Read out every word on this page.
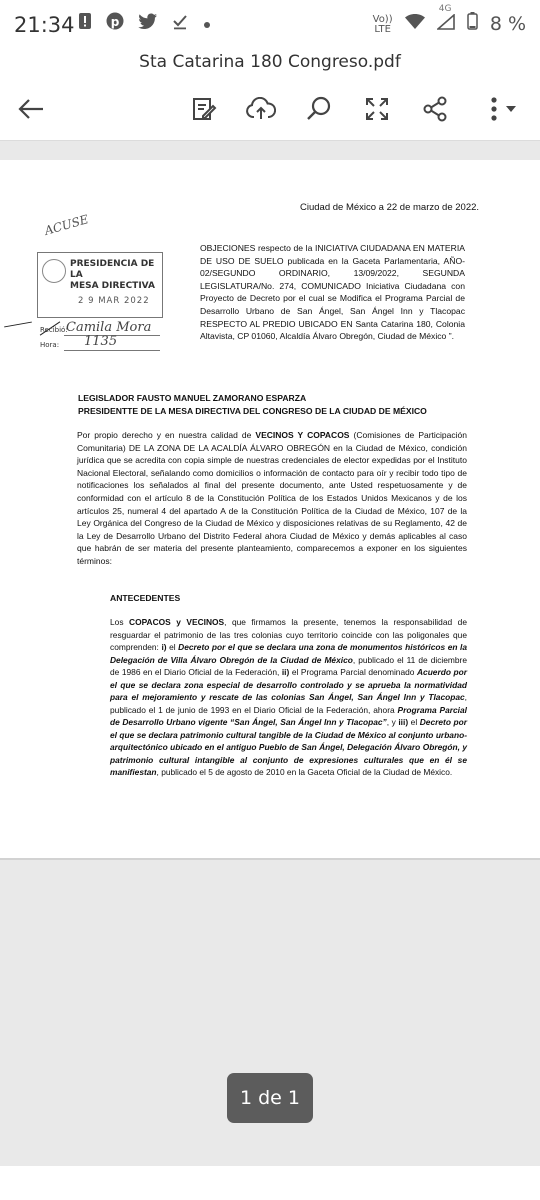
21:34
	p
	Vo))
LTE
4G
8 %
Sta Catarina 180 Congreso.pdf
ACUSE
PRESIDENCIA DE LA
MESA DIRECTIVA
2 9 MAR 2022
Recibió:
Camila Mora
Hora: 1135
Ciudad de México a 22 de marzo de 2022.
OBJECIONES respecto de la INICIATIVA CIUDADANA EN MATERIA DE USO DE SUELO publicada en la Gaceta Parlamentaria, AÑO-02/SEGUNDO ORDINARIO, 13/09/2022, SEGUNDA LEGISLATURA/No. 274, COMUNICADO Iniciativa Ciudadana con Proyecto de Decreto por el cual se Modifica el Programa Parcial de Desarrollo Urbano de San Ángel, San Ángel Inn y Tlacopac RESPECTO AL PREDIO UBICADO EN Santa Catarina 180, Colonia Altavista, CP 01060, Alcaldía Álvaro Obregón, Ciudad de México ”.
LEGISLADOR FAUSTO MANUEL ZAMORANO ESPARZA
PRESIDENTTE DE LA MESA DIRECTIVA DEL CONGRESO DE LA CIUDAD DE MÉXICO
Por propio derecho y en nuestra calidad de VECINOS Y COPACOS (Comisiones de Participación Comunitaria) DE LA ZONA DE LA ACALDÍA ÁLVARO OBREGÓN en la Ciudad de México, condición jurídica que se acredita con copia simple de nuestras credenciales de elector expedidas por el Instituto Nacional Electoral, señalando como domicilios o información de contacto para oír y recibir todo tipo de notificaciones los señalados al final del presente documento, ante Usted respetuosamente y de conformidad con el artículo 8 de la Constitución Política de los Estados Unidos Mexicanos y de los artículos 25, numeral 4 del apartado A de la Constitución Política de la Ciudad de México, 107 de la Ley Orgánica del Congreso de la Ciudad de México y disposiciones relativas de su Reglamento, 42 de la Ley de Desarrollo Urbano del Distrito Federal ahora Ciudad de México y demás aplicables al caso que habrán de ser materia del presente planteamiento, comparecemos a exponer en los siguientes términos:
ANTECEDENTES
Los COPACOS y VECINOS, que firmamos la presente, tenemos la responsabilidad de resguardar el patrimonio de las tres colonias cuyo territorio coincide con las poligonales que comprenden: i) el Decreto por el que se declara una zona de monumentos históricos en la Delegación de Villa Álvaro Obregón de la Ciudad de México, publicado el 11 de diciembre de 1986 en el Diario Oficial de la Federación, ii) el Programa Parcial denominado Acuerdo por el que se declara zona especial de desarrollo controlado y se aprueba la normatividad para el mejoramiento y rescate de las colonias San Ángel, San Ángel Inn y Tlacopac, publicado el 1 de junio de 1993 en el Diario Oficial de la Federación, ahora Programa Parcial de Desarrollo Urbano vigente “San Ángel, San Ángel Inn y Tlacopac”, y iii) el Decreto por el que se declara patrimonio cultural tangible de la Ciudad de México al conjunto urbano-arquitectónico ubicado en el antiguo Pueblo de San Ángel, Delegación Álvaro Obregón, y patrimonio cultural intangible al conjunto de expresiones culturales que en él se manifiestan, publicado el 5 de agosto de 2010 en la Gaceta Oficial de la Ciudad de México.
1 de 1
